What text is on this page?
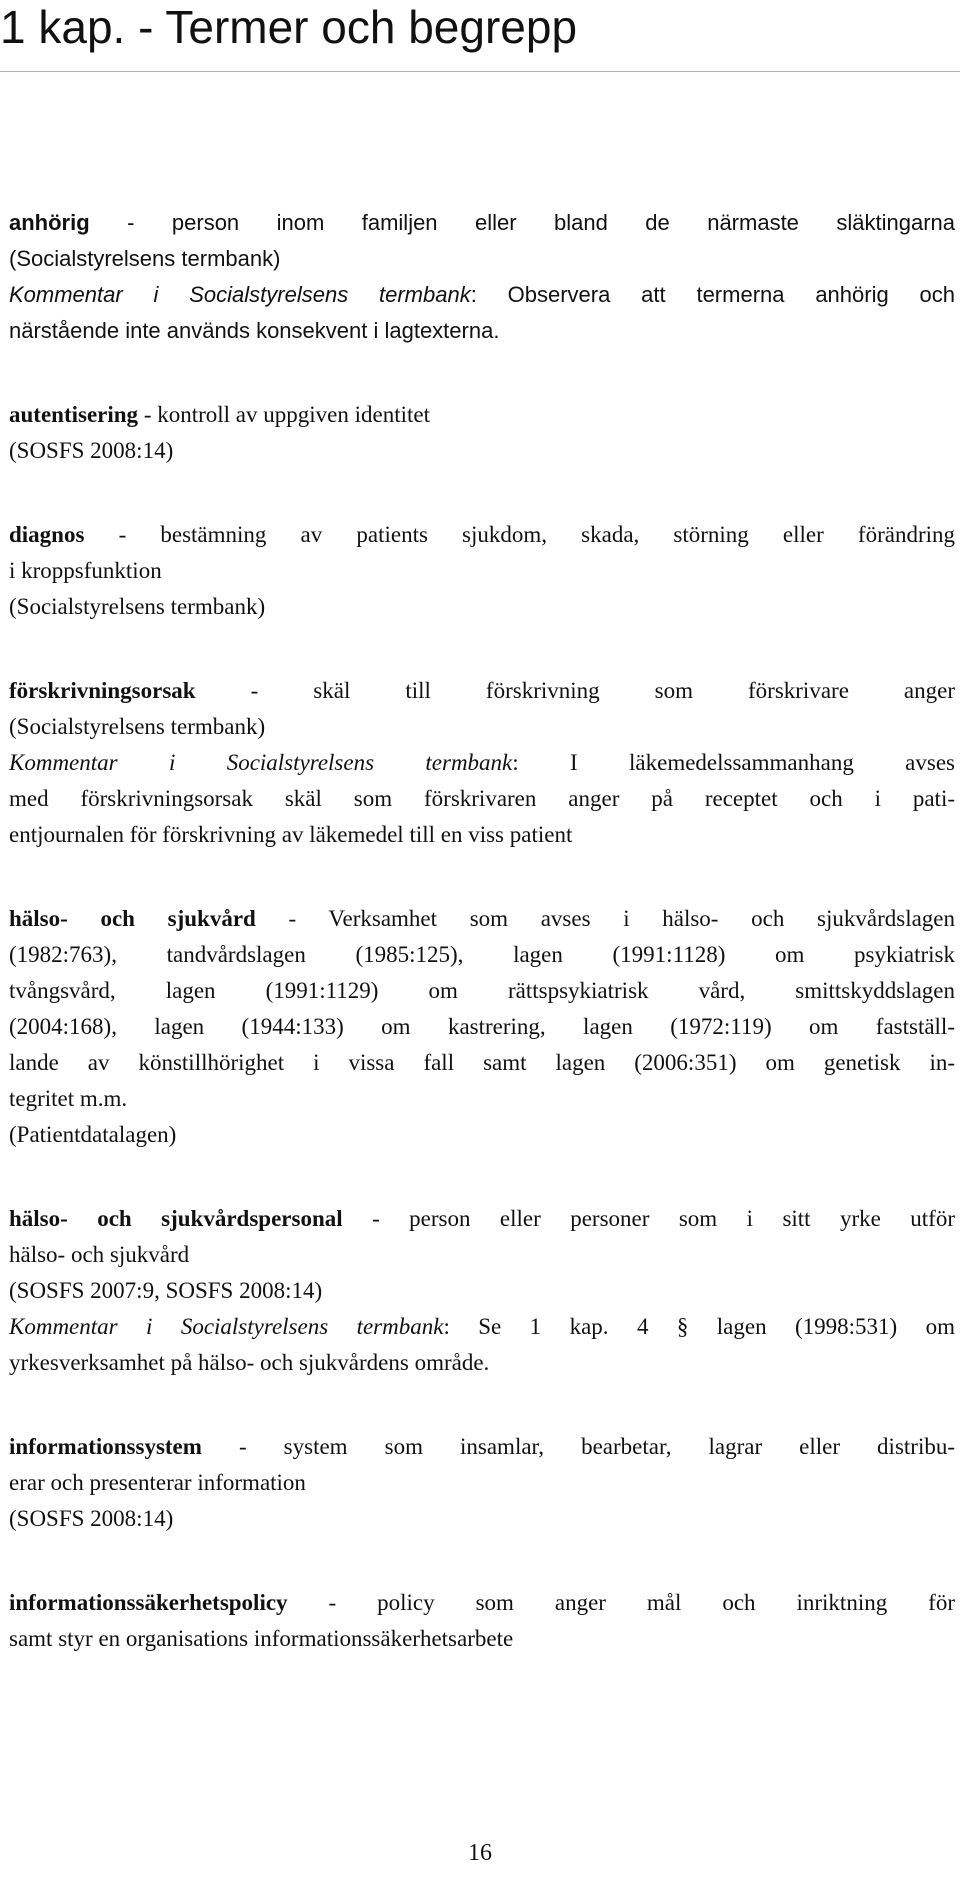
1 kap. - Termer och begrepp
anhörig - person inom familjen eller bland de närmaste släktingarna
(Socialstyrelsens termbank)
Kommentar i Socialstyrelsens termbank: Observera att termerna anhörig och
närstående inte används konsekvent i lagtexterna.
autentisering - kontroll av uppgiven identitet
(SOSFS 2008:14)
diagnos - bestämning av patients sjukdom, skada, störning eller förändring
i kroppsfunktion
(Socialstyrelsens termbank)
förskrivningsorsak - skäl till förskrivning som förskrivare anger
(Socialstyrelsens termbank)
Kommentar i Socialstyrelsens termbank: I läkemedelssammanhang avses
med förskrivningsorsak skäl som förskrivaren anger på receptet och i pati-
entjournalen för förskrivning av läkemedel till en viss patient
hälso- och sjukvård - Verksamhet som avses i hälso- och sjukvårdslagen
(1982:763), tandvårdslagen (1985:125), lagen (1991:1128) om psykiatrisk
tvångsvård, lagen (1991:1129) om rättspsykiatrisk vård, smittskyddslagen
(2004:168), lagen (1944:133) om kastrering, lagen (1972:119) om fastställ-
lande av könstillhörighet i vissa fall samt lagen (2006:351) om genetisk in-
tegritet m.m.
(Patientdatalagen)
hälso- och sjukvårdspersonal - person eller personer som i sitt yrke utför
hälso- och sjukvård
(SOSFS 2007:9, SOSFS 2008:14)
Kommentar i Socialstyrelsens termbank: Se 1 kap. 4 § lagen (1998:531) om
yrkesverksamhet på hälso- och sjukvårdens område.
informationssystem - system som insamlar, bearbetar, lagrar eller distribu-
erar och presenterar information
(SOSFS 2008:14)
informationssäkerhetspolicy - policy som anger mål och inriktning för
samt styr en organisations informationssäkerhetsarbete
16
